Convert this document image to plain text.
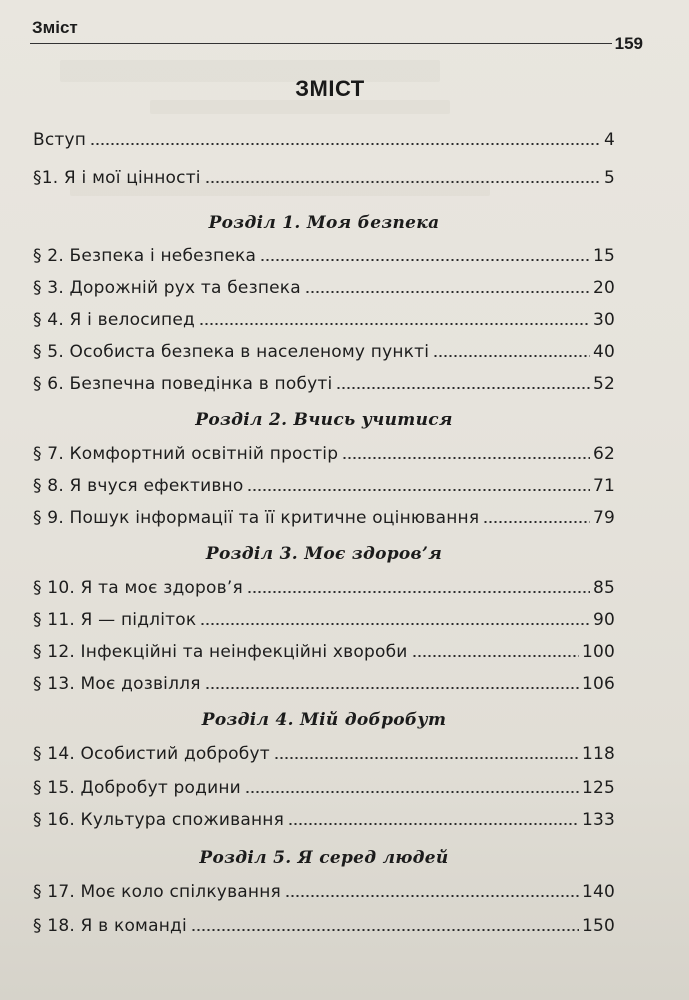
Зміст
159
ЗМІСТ
Вступ	4
§1. Я і мої цінності	5
Розділ 1. Моя безпека
§ 2. Безпека і небезпека	15
§ 3. Дорожній рух та безпека	20
§ 4. Я і велосипед	30
§ 5. Особиста безпека в населеному пункті	40
§ 6. Безпечна поведінка в побуті	52
Розділ 2. Вчись учитися
§ 7. Комфортний освітній простір	62
§ 8. Я вчуся ефективно	71
§ 9. Пошук інформації та її критичне оцінювання	79
Розділ 3. Моє здоров’я
§ 10. Я та моє здоров’я	85
§ 11. Я — підліток	90
§ 12. Інфекційні та неінфекційні хвороби	100
§ 13. Моє дозвілля	106
Розділ 4. Мій добробут
§ 14. Особистий добробут	118
§ 15. Добробут родини	125
§ 16. Культура споживання	133
Розділ 5. Я серед людей
§ 17. Моє коло спілкування	140
§ 18. Я в команді	150
